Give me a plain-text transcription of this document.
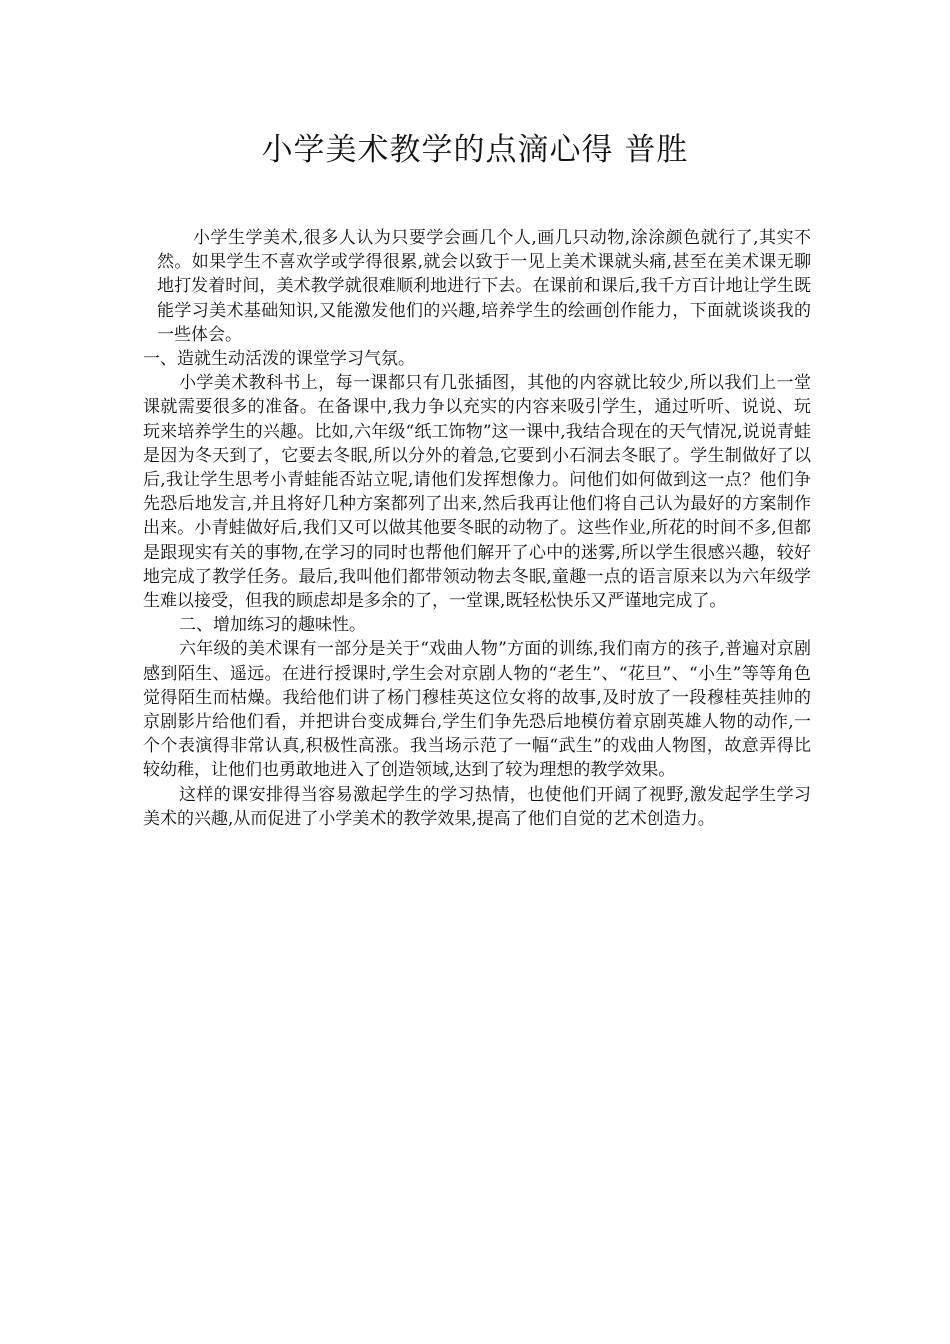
小学美术教学的点滴心得 普胜

小学生学美术,很多人认为只要学会画几个人,画几只动物,涂涂颜色就行了,其实不然。如果学生不喜欢学或学得很累,就会以致于一见上美术课就头痛,甚至在美术课无聊地打发着时间，美术教学就很难顺利地进行下去。在课前和课后,我千方百计地让学生既能学习美术基础知识,又能激发他们的兴趣,培养学生的绘画创作能力，下面就谈谈我的一些体会。

一、造就生动活泼的课堂学习气氛。

小学美术教科书上，每一课都只有几张插图，其他的内容就比较少,所以我们上一堂课就需要很多的准备。在备课中,我力争以充实的内容来吸引学生，通过听听、说说、玩玩来培养学生的兴趣。比如,六年级“纸工饰物”这一课中,我结合现在的天气情况,说说青蛙是因为冬天到了，它要去冬眠,所以分外的着急,它要到小石洞去冬眠了。学生制做好了以后,我让学生思考小青蛙能否站立呢,请他们发挥想像力。问他们如何做到这一点？他们争先恐后地发言,并且将好几种方案都列了出来,然后我再让他们将自己认为最好的方案制作出来。小青蛙做好后,我们又可以做其他要冬眠的动物了。这些作业,所花的时间不多,但都是跟现实有关的事物,在学习的同时也帮他们解开了心中的迷雾,所以学生很感兴趣，较好地完成了教学任务。最后,我叫他们都带领动物去冬眠,童趣一点的语言原来以为六年级学生难以接受，但我的顾虑却是多余的了，一堂课,既轻松快乐又严谨地完成了。

二、增加练习的趣味性。

六年级的美术课有一部分是关于“戏曲人物”方面的训练,我们南方的孩子,普遍对京剧感到陌生、遥远。在进行授课时,学生会对京剧人物的“老生”、“花旦”、“小生”等等角色觉得陌生而枯燥。我给他们讲了杨门穆桂英这位女将的故事,及时放了一段穆桂英挂帅的京剧影片给他们看，并把讲台变成舞台,学生们争先恐后地模仿着京剧英雄人物的动作,一个个表演得非常认真,积极性高涨。我当场示范了一幅“武生”的戏曲人物图，故意弄得比较幼稚，让他们也勇敢地进入了创造领域,达到了较为理想的教学效果。

这样的课安排得当容易激起学生的学习热情，也使他们开阔了视野,激发起学生学习美术的兴趣,从而促进了小学美术的教学效果,提高了他们自觉的艺术创造力。
